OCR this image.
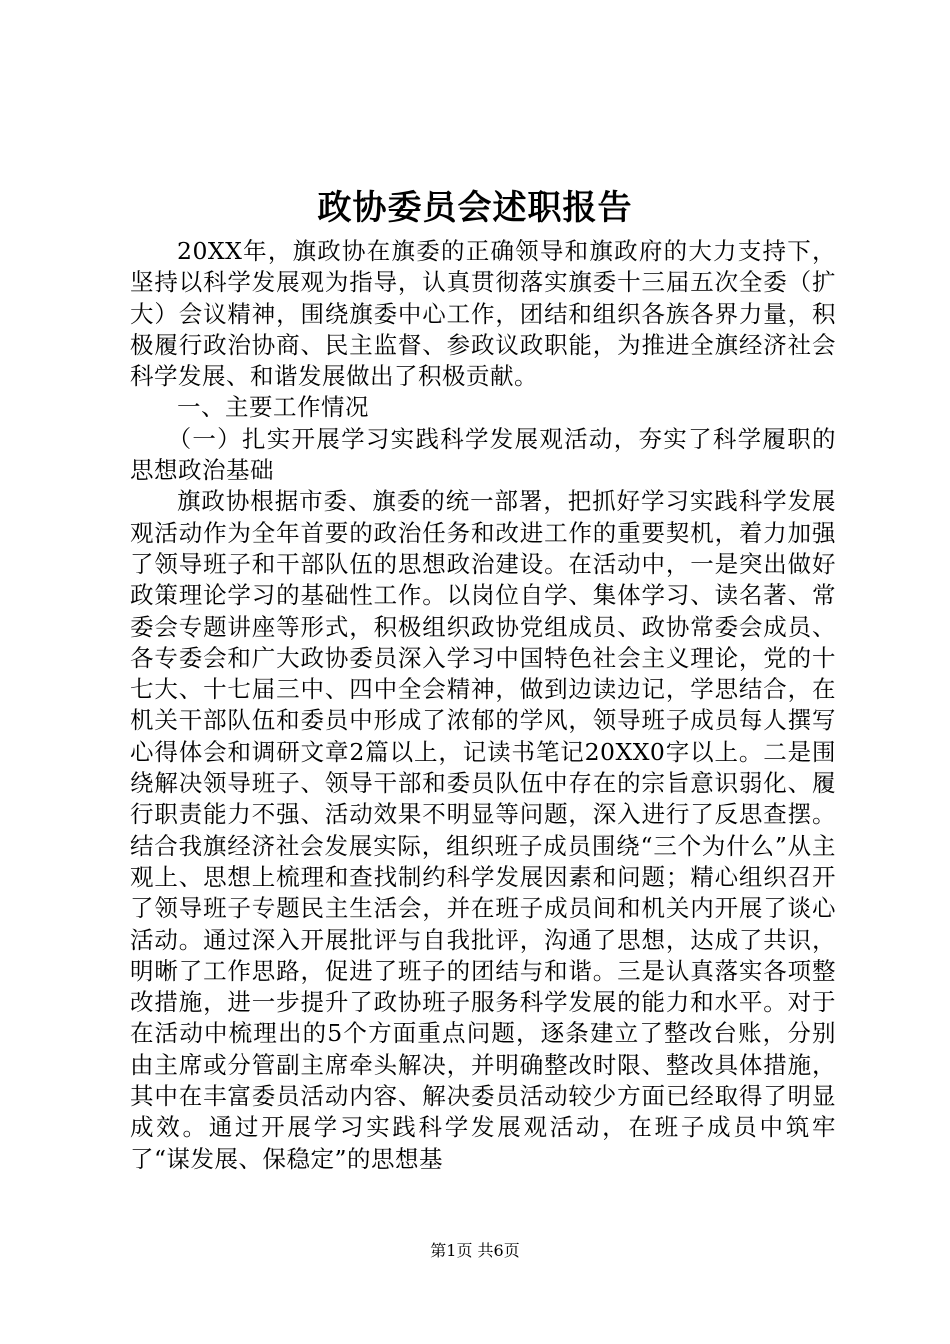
政协委员会述职报告

20XX年，旗政协在旗委的正确领导和旗政府的大力支持下，坚持以科学发展观为指导，认真贯彻落实旗委十三届五次全委（扩大）会议精神，围绕旗委中心工作，团结和组织各族各界力量，积极履行政治协商、民主监督、参政议政职能，为推进全旗经济社会科学发展、和谐发展做出了积极贡献。

一、主要工作情况

（一）扎实开展学习实践科学发展观活动，夯实了科学履职的思想政治基础

旗政协根据市委、旗委的统一部署，把抓好学习实践科学发展观活动作为全年首要的政治任务和改进工作的重要契机，着力加强了领导班子和干部队伍的思想政治建设。在活动中，一是突出做好政策理论学习的基础性工作。以岗位自学、集体学习、读名著、常委会专题讲座等形式，积极组织政协党组成员、政协常委会成员、各专委会和广大政协委员深入学习中国特色社会主义理论，党的十七大、十七届三中、四中全会精神，做到边读边记，学思结合，在机关干部队伍和委员中形成了浓郁的学风，领导班子成员每人撰写心得体会和调研文章2篇以上，记读书笔记20XX0字以上。二是围绕解决领导班子、领导干部和委员队伍中存在的宗旨意识弱化、履行职责能力不强、活动效果不明显等问题，深入进行了反思查摆。结合我旗经济社会发展实际，组织班子成员围绕“三个为什么”从主观上、思想上梳理和查找制约科学发展因素和问题；精心组织召开了领导班子专题民主生活会，并在班子成员间和机关内开展了谈心活动。通过深入开展批评与自我批评，沟通了思想，达成了共识，明晰了工作思路，促进了班子的团结与和谐。三是认真落实各项整改措施，进一步提升了政协班子服务科学发展的能力和水平。对于在活动中梳理出的5个方面重点问题，逐条建立了整改台账，分别由主席或分管副主席牵头解决，并明确整改时限、整改具体措施，其中在丰富委员活动内容、解决委员活动较少方面已经取得了明显成效。通过开展学习实践科学发展观活动，在班子成员中筑牢了“谋发展、保稳定”的思想基

第1页 共6页
